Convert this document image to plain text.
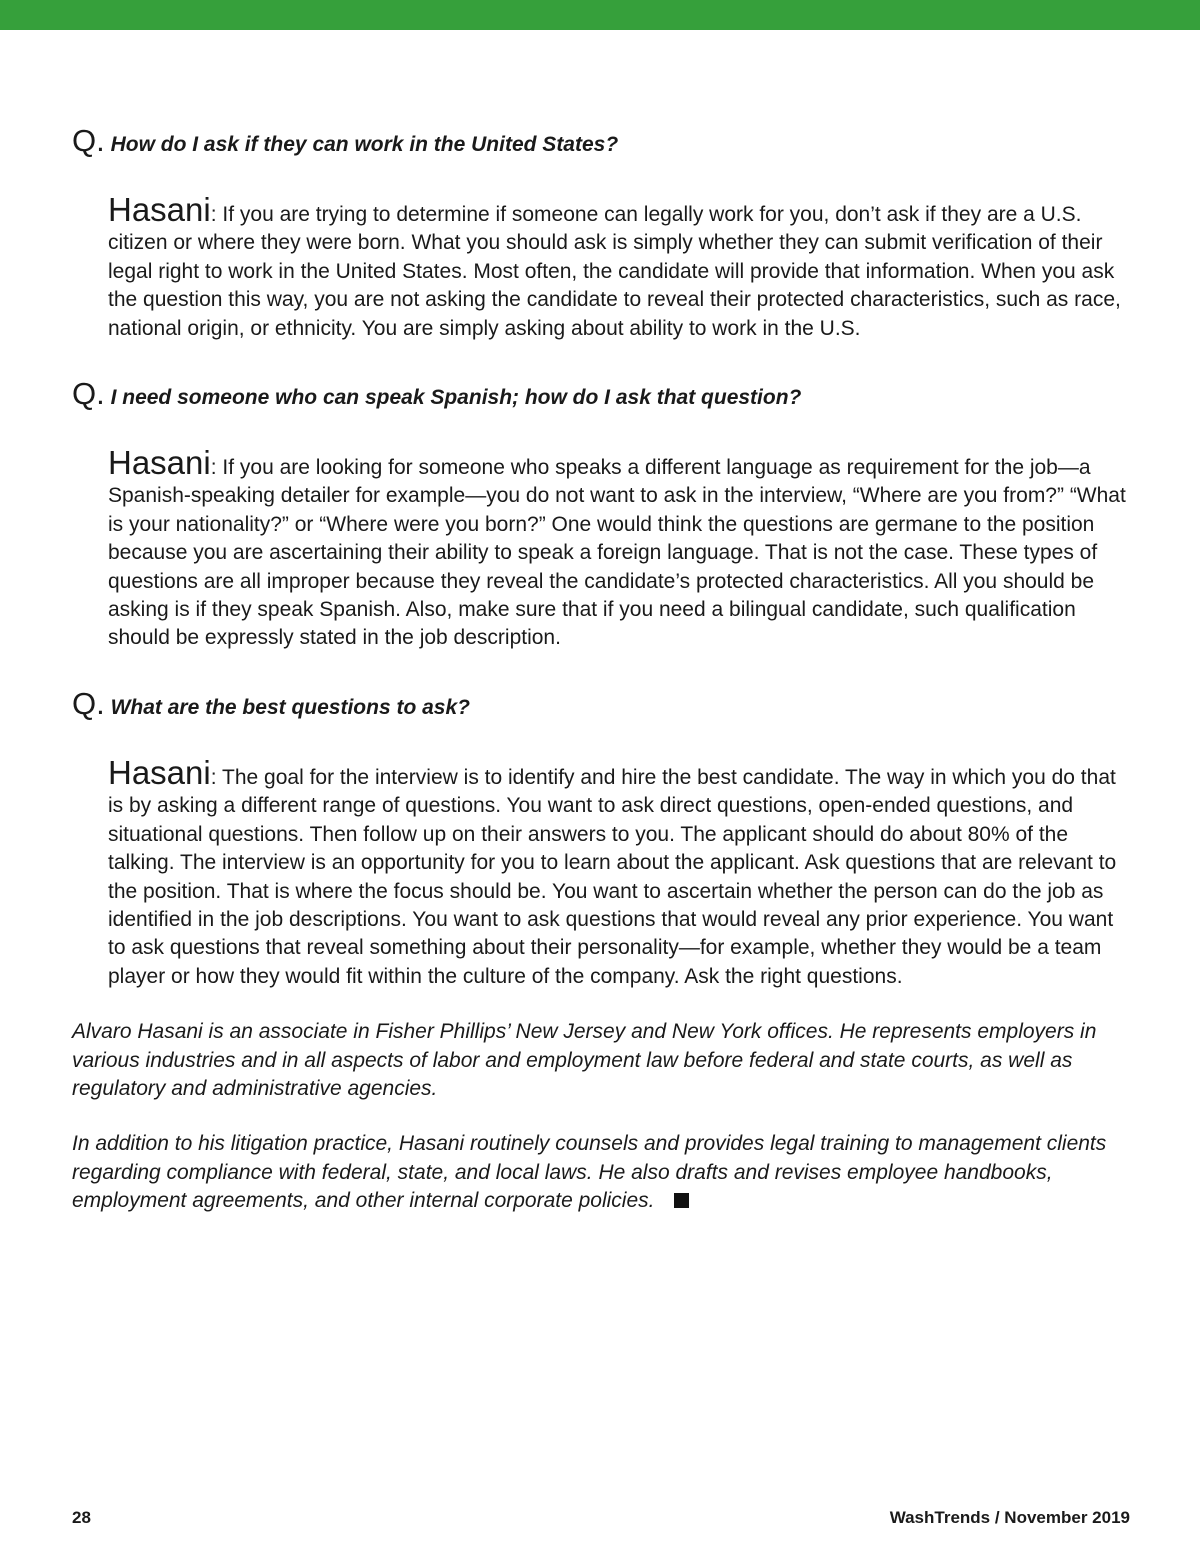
Q. How do I ask if they can work in the United States?

Hasani: If you are trying to determine if someone can legally work for you, don’t ask if they are a U.S. citizen or where they were born. What you should ask is simply whether they can submit verification of their legal right to work in the United States. Most often, the candidate will provide that information. When you ask the question this way, you are not asking the candidate to reveal their protected characteristics, such as race, national origin, or ethnicity. You are simply asking about ability to work in the U.S.

Q. I need someone who can speak Spanish; how do I ask that question?

Hasani: If you are looking for someone who speaks a different language as requirement for the job—a Spanish-speaking detailer for example—you do not want to ask in the interview, “Where are you from?” “What is your nationality?” or “Where were you born?” One would think the questions are germane to the position because you are ascertaining their ability to speak a foreign language. That is not the case. These types of questions are all improper because they reveal the candidate’s protected characteristics. All you should be asking is if they speak Spanish. Also, make sure that if you need a bilingual candidate, such qualification should be expressly stated in the job description.

Q. What are the best questions to ask?

Hasani: The goal for the interview is to identify and hire the best candidate. The way in which you do that is by asking a different range of questions. You want to ask direct questions, open-ended questions, and situational questions. Then follow up on their answers to you. The applicant should do about 80% of the talking. The interview is an opportunity for you to learn about the applicant. Ask questions that are relevant to the position. That is where the focus should be. You want to ascertain whether the person can do the job as identified in the job descriptions. You want to ask questions that would reveal any prior experience. You want to ask questions that reveal something about their personality—for example, whether they would be a team player or how they would fit within the culture of the company. Ask the right questions.

Alvaro Hasani is an associate in Fisher Phillips’ New Jersey and New York offices. He represents employers in various industries and in all aspects of labor and employment law before federal and state courts, as well as regulatory and administrative agencies.

In addition to his litigation practice, Hasani routinely counsels and provides legal training to management clients regarding compliance with federal, state, and local laws. He also drafts and revises employee handbooks, employment agreements, and other internal corporate policies.

28	WashTrends / November 2019
